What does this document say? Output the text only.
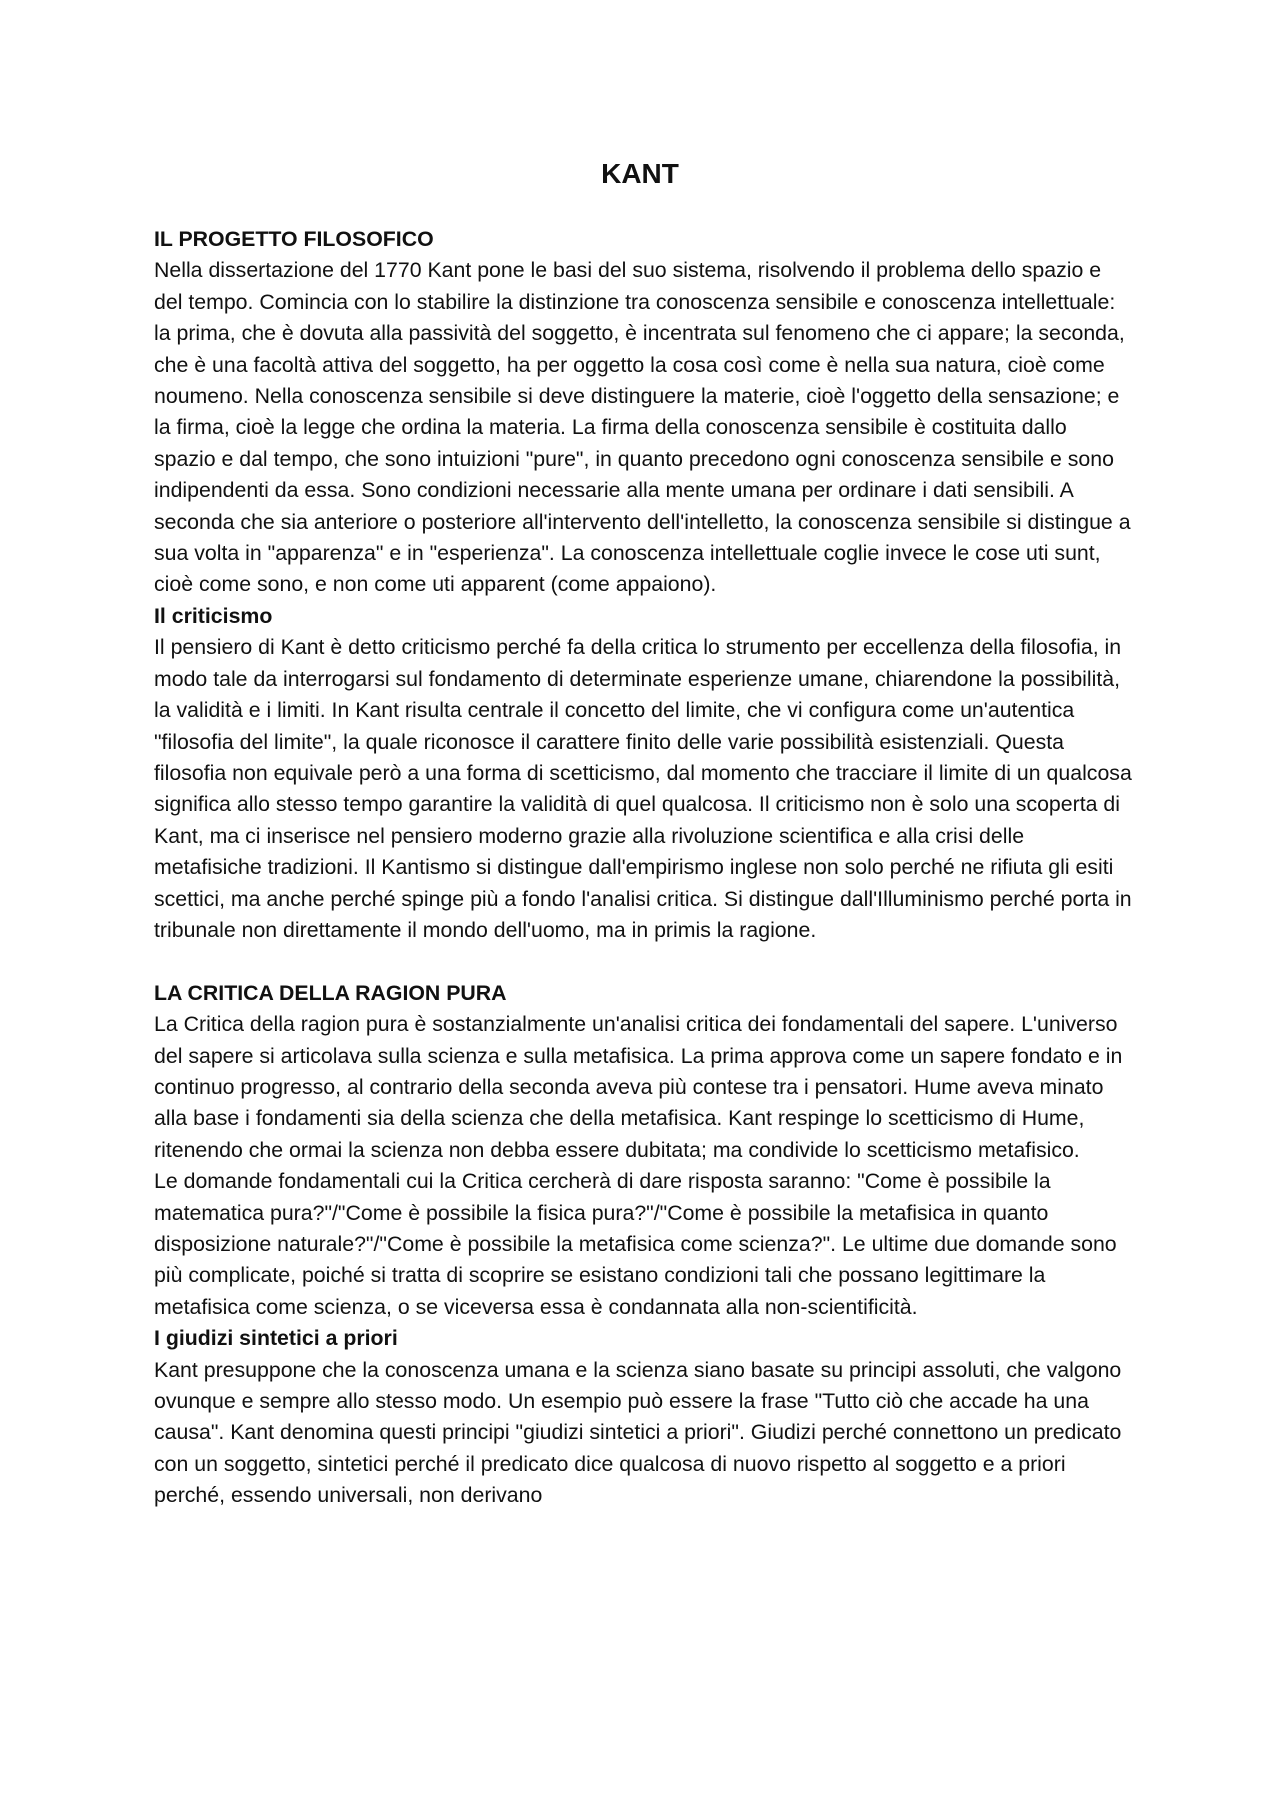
KANT
IL PROGETTO FILOSOFICO

Nella dissertazione del 1770 Kant pone le basi del suo sistema, risolvendo il problema dello spazio e del tempo. Comincia con lo stabilire la distinzione tra conoscenza sensibile e conoscenza intellettuale: la prima, che è dovuta alla passività del soggetto, è incentrata sul fenomeno che ci appare; la seconda, che è una facoltà attiva del soggetto, ha per oggetto la cosa così come è nella sua natura, cioè come noumeno. Nella conoscenza sensibile si deve distinguere la materie, cioè l'oggetto della sensazione; e la firma, cioè la legge che ordina la materia. La firma della conoscenza sensibile è costituita dallo spazio e dal tempo, che sono intuizioni "pure", in quanto precedono ogni conoscenza sensibile e sono indipendenti da essa. Sono condizioni necessarie alla mente umana per ordinare i dati sensibili. A seconda che sia anteriore o posteriore all'intervento dell'intelletto, la conoscenza sensibile si distingue a sua volta in "apparenza" e in "esperienza". La conoscenza intellettuale coglie invece le cose uti sunt, cioè come sono, e non come uti apparent (come appaiono).

Il criticismo

Il pensiero di Kant è detto criticismo perché fa della critica lo strumento per eccellenza della filosofia, in modo tale da interrogarsi sul fondamento di determinate esperienze umane, chiarendone la possibilità, la validità e i limiti. In Kant risulta centrale il concetto del limite, che vi configura come un'autentica "filosofia del limite", la quale riconosce il carattere finito delle varie possibilità esistenziali. Questa filosofia non equivale però a una forma di scetticismo, dal momento che tracciare il limite di un qualcosa significa allo stesso tempo garantire la validità di quel qualcosa. Il criticismo non è solo una scoperta di Kant, ma ci inserisce nel pensiero moderno grazie alla rivoluzione scientifica e alla crisi delle metafisiche tradizioni. Il Kantismo si distingue dall'empirismo inglese non solo perché ne rifiuta gli esiti scettici, ma anche perché spinge più a fondo l'analisi critica. Si distingue dall'Illuminismo perché porta in tribunale non direttamente il mondo dell'uomo, ma in primis la ragione.

LA CRITICA DELLA RAGION PURA

La Critica della ragion pura è sostanzialmente un'analisi critica dei fondamentali del sapere. L'universo del sapere si articolava sulla scienza e sulla metafisica. La prima approva come un sapere fondato e in continuo progresso, al contrario della seconda aveva più contese tra i pensatori. Hume aveva minato alla base i fondamenti sia della scienza che della metafisica. Kant respinge lo scetticismo di Hume, ritenendo che ormai la scienza non debba essere dubitata; ma condivide lo scetticismo metafisico.

Le domande fondamentali cui la Critica cercherà di dare risposta saranno: "Come è possibile la matematica pura?"/"Come è possibile la fisica pura?"/"Come è possibile la metafisica in quanto disposizione naturale?"/"Come è possibile la metafisica come scienza?". Le ultime due domande sono più complicate, poiché si tratta di scoprire se esistano condizioni tali che possano legittimare la metafisica come scienza, o se viceversa essa è condannata alla non-scientificità.

I giudizi sintetici a priori

Kant presuppone che la conoscenza umana e la scienza siano basate su principi assoluti, che valgono ovunque e sempre allo stesso modo. Un esempio può essere la frase "Tutto ciò che accade ha una causa". Kant denomina questi principi "giudizi sintetici a priori". Giudizi perché connettono un predicato con un soggetto, sintetici perché il predicato dice qualcosa di nuovo rispetto al soggetto e a priori perché, essendo universali, non derivano
